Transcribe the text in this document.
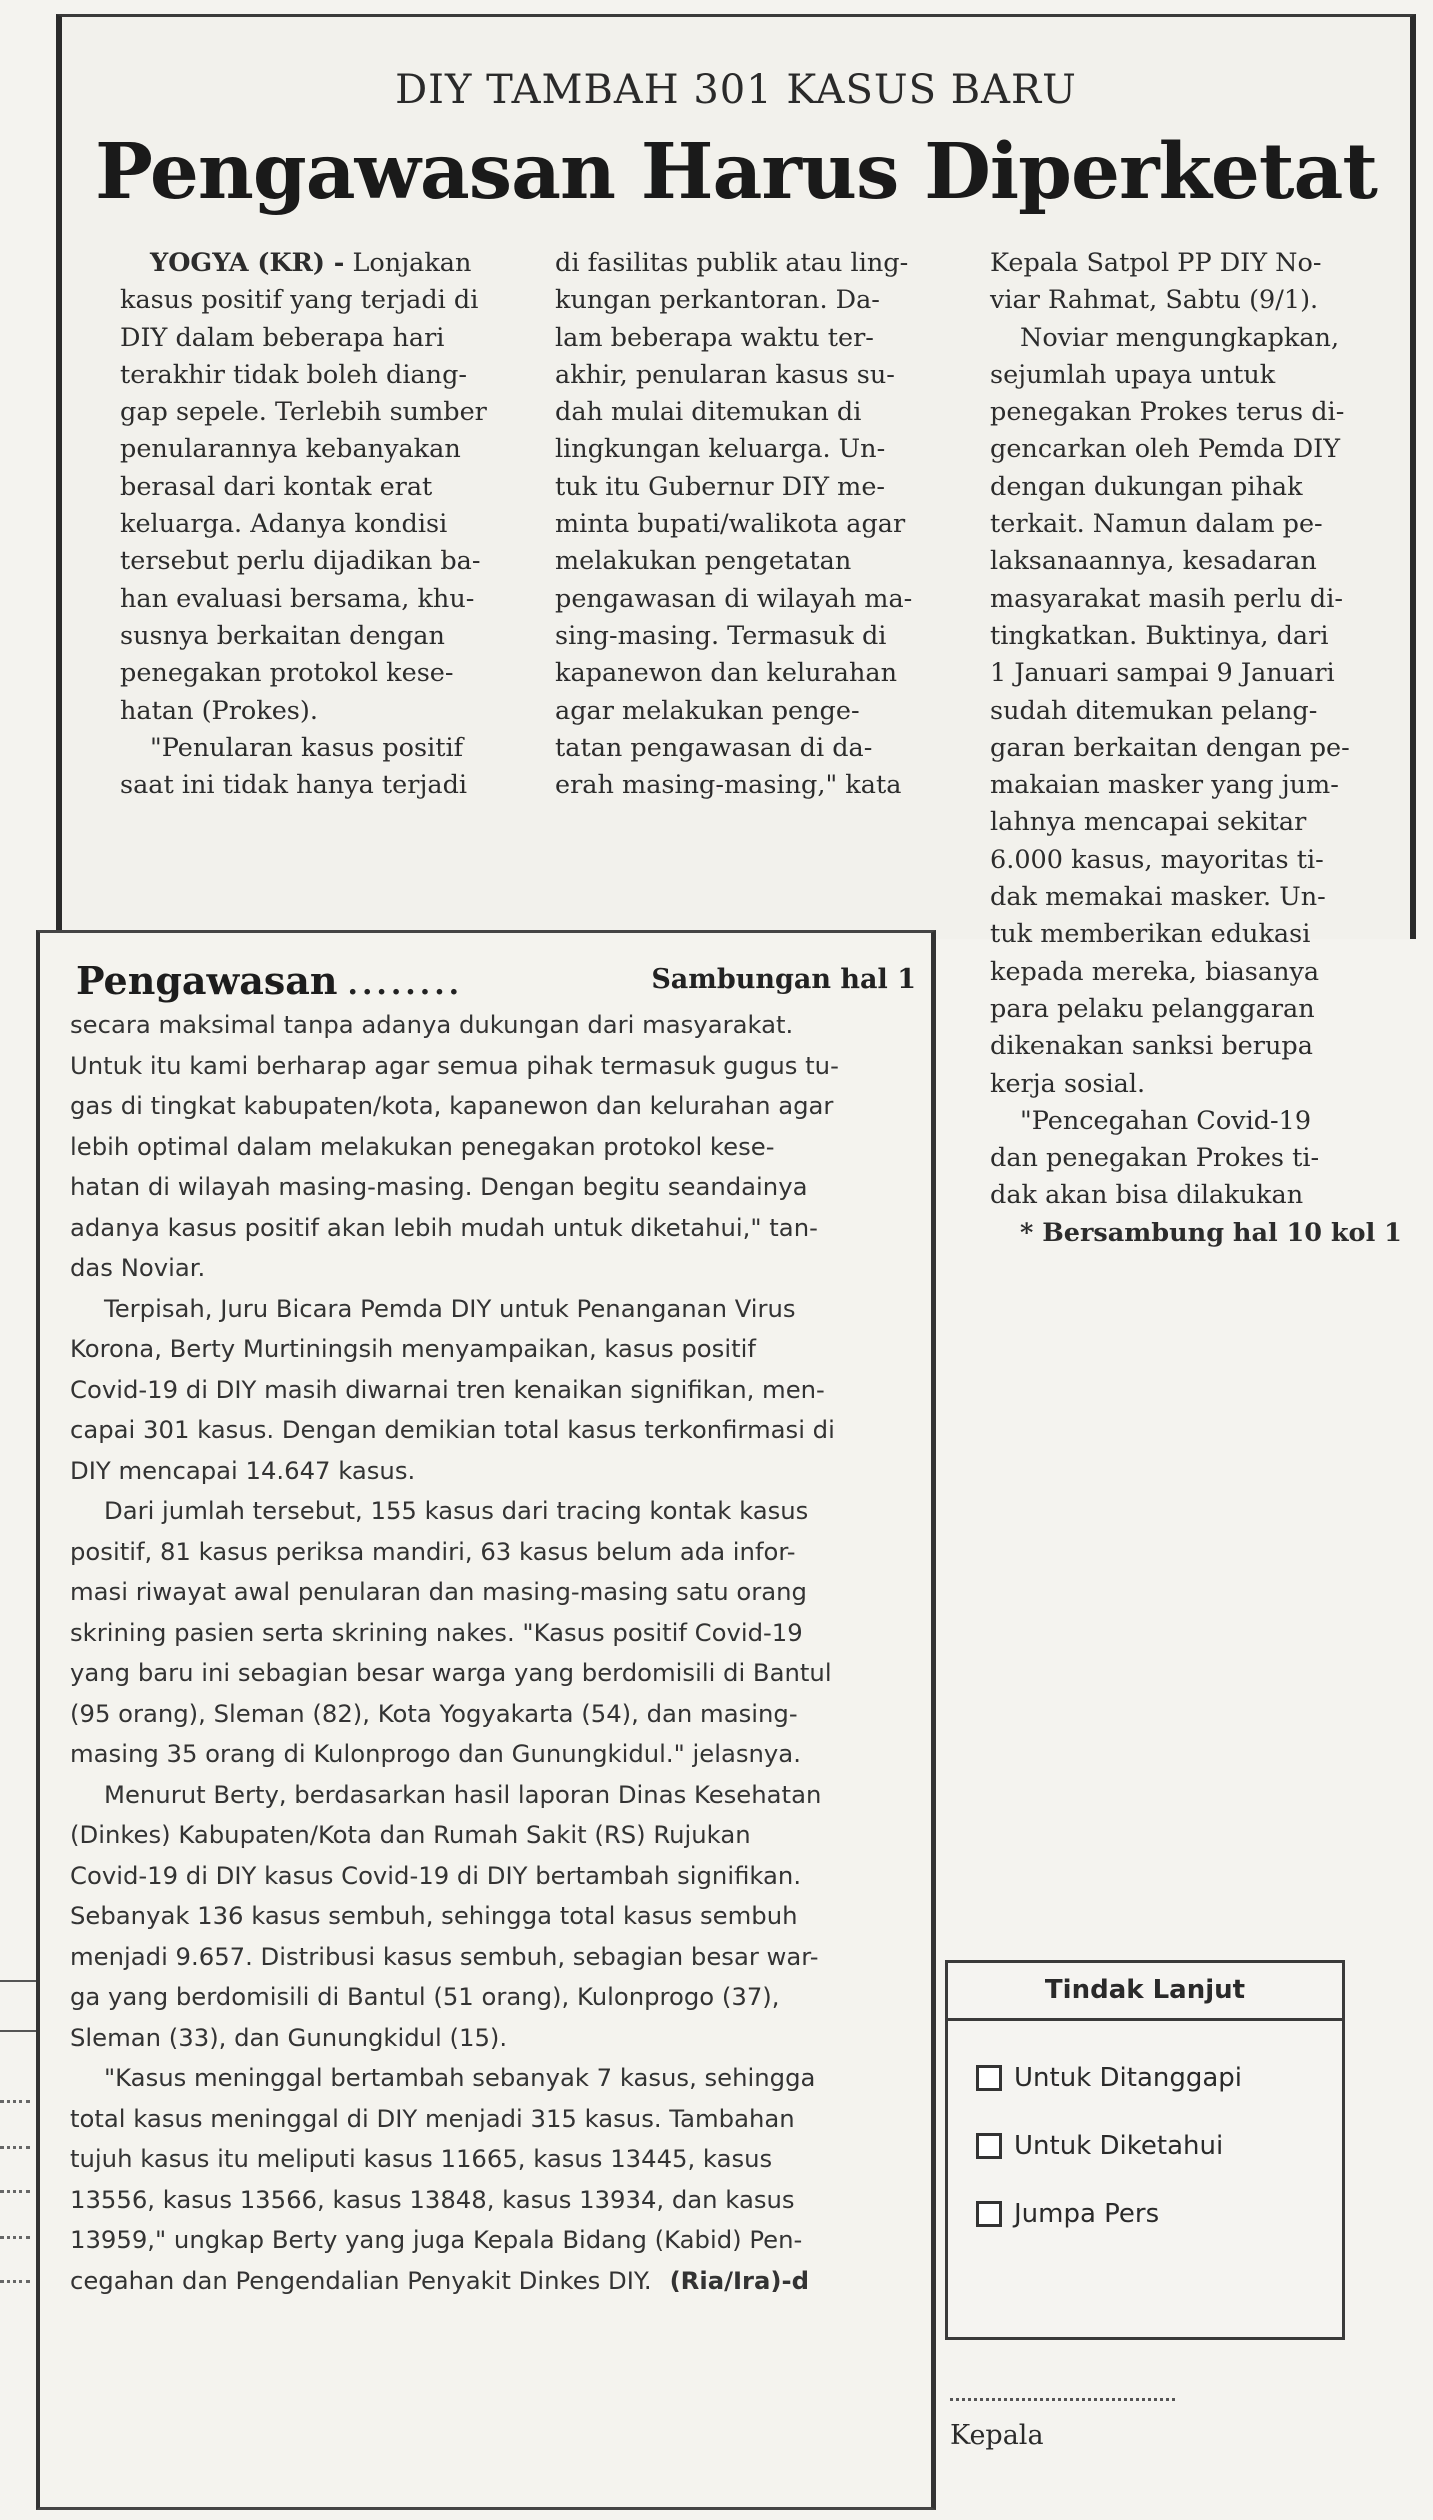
DIY TAMBAH 301 KASUS BARU
Pengawasan Harus Diperketat
YOGYA (KR) - Lonjakan
kasus positif yang terjadi di
DIY dalam beberapa hari
terakhir tidak boleh diang-
gap sepele. Terlebih sumber
penularannya kebanyakan
berasal dari kontak erat
keluarga. Adanya kondisi
tersebut perlu dijadikan ba-
han evaluasi bersama, khu-
susnya berkaitan dengan
penegakan protokol kese-
hatan (Prokes).
"Penularan kasus positif
saat ini tidak hanya terjadi
di fasilitas publik atau ling-
kungan perkantoran. Da-
lam beberapa waktu ter-
akhir, penularan kasus su-
dah mulai ditemukan di
lingkungan keluarga. Un-
tuk itu Gubernur DIY me-
minta bupati/walikota agar
melakukan pengetatan
pengawasan di wilayah ma-
sing-masing. Termasuk di
kapanewon dan kelurahan
agar melakukan penge-
tatan pengawasan di da-
erah masing-masing," kata
Kepala Satpol PP DIY No-
viar Rahmat, Sabtu (9/1).
Noviar mengungkapkan,
sejumlah upaya untuk
penegakan Prokes terus di-
gencarkan oleh Pemda DIY
dengan dukungan pihak
terkait. Namun dalam pe-
laksanaannya, kesadaran
masyarakat masih perlu di-
tingkatkan. Buktinya, dari
1 Januari sampai 9 Januari
sudah ditemukan pelang-
garan berkaitan dengan pe-
makaian masker yang jum-
lahnya mencapai sekitar
6.000 kasus, mayoritas ti-
dak memakai masker. Un-
tuk memberikan edukasi
kepada mereka, biasanya
para pelaku pelanggaran
dikenakan sanksi berupa
kerja sosial.
"Pencegahan Covid-19
dan penegakan Prokes ti-
dak akan bisa dilakukan
* Bersambung hal 10 kol 1
Pengawasan ........	Sambungan hal 1
secara maksimal tanpa adanya dukungan dari masyarakat.
Untuk itu kami berharap agar semua pihak termasuk gugus tu-
gas di tingkat kabupaten/kota, kapanewon dan kelurahan agar
lebih optimal dalam melakukan penegakan protokol kese-
hatan di wilayah masing-masing. Dengan begitu seandainya
adanya kasus positif akan lebih mudah untuk diketahui," tan-
das Noviar.
Terpisah, Juru Bicara Pemda DIY untuk Penanganan Virus
Korona, Berty Murtiningsih menyampaikan, kasus positif
Covid-19 di DIY masih diwarnai tren kenaikan signifikan, men-
capai 301 kasus. Dengan demikian total kasus terkonfirmasi di
DIY mencapai 14.647 kasus.
Dari jumlah tersebut, 155 kasus dari tracing kontak kasus
positif, 81 kasus periksa mandiri, 63 kasus belum ada infor-
masi riwayat awal penularan dan masing-masing satu orang
skrining pasien serta skrining nakes. "Kasus positif Covid-19
yang baru ini sebagian besar warga yang berdomisili di Bantul
(95 orang), Sleman (82), Kota Yogyakarta (54), dan masing-
masing 35 orang di Kulonprogo dan Gunungkidul." jelasnya.
Menurut Berty, berdasarkan hasil laporan Dinas Kesehatan
(Dinkes) Kabupaten/Kota dan Rumah Sakit (RS) Rujukan
Covid-19 di DIY kasus Covid-19 di DIY bertambah signifikan.
Sebanyak 136 kasus sembuh, sehingga total kasus sembuh
menjadi 9.657. Distribusi kasus sembuh, sebagian besar war-
ga yang berdomisili di Bantul (51 orang), Kulonprogo (37),
Sleman (33), dan Gunungkidul (15).
"Kasus meninggal bertambah sebanyak 7 kasus, sehingga
total kasus meninggal di DIY menjadi 315 kasus. Tambahan
tujuh kasus itu meliputi kasus 11665, kasus 13445, kasus
13556, kasus 13566, kasus 13848, kasus 13934, dan kasus
13959," ungkap Berty yang juga Kepala Bidang (Kabid) Pen-
cegahan dan Pengendalian Penyakit Dinkes DIY. (Ria/Ira)-d
Tindak Lanjut
Untuk Ditanggapi
Untuk Diketahui
Jumpa Pers
Kepala
